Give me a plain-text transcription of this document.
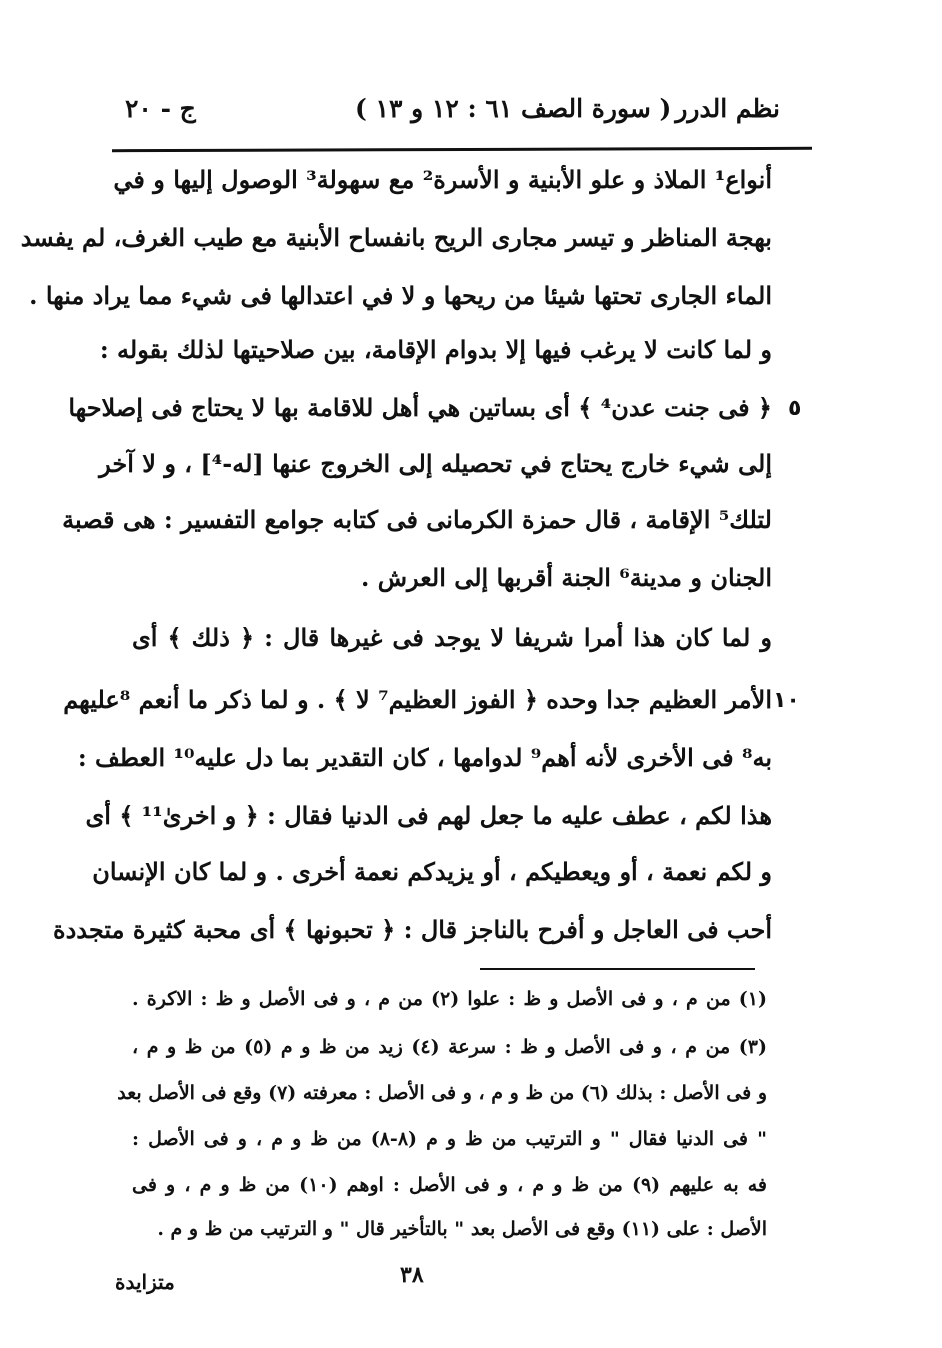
نظم الدرر
( سورة الصف ٦١ : ١٢ و ١٣ )
ج - ٢٠
أنواع¹ الملاذ و علو الأبنية و الأسرة² مع سهولة³ الوصول إليها و في
بهجة المناظر و تيسر مجارى الريح بانفساح الأبنية مع طيب الغرف، لم يفسد
الماء الجارى تحتها شيئا من ريحها و لا في اعتدالها فى شيء مما يراد منها .
و لما كانت لا يرغب فيها إلا بدوام الإقامة، بين صلاحيتها لذلك بقوله :
﴿ فى جنت عدن⁴ ﴾ أى بساتين هي أهل للاقامة بها لا يحتاج فى إصلاحها
إلى شيء خارج يحتاج في تحصيله إلى الخروج عنها [له-⁴] ، و لا آخر
لتلك⁵ الإقامة ، قال حمزة الكرمانى فى كتابه جوامع التفسير : هى قصبة
الجنان و مدينة⁶ الجنة أقربها إلى العرش .
و لما كان هذا أمرا شريفا لا يوجد فى غيرها قال : ﴿ ذلك ﴾ أى
الأمر العظيم جدا وحده ﴿ الفوز العظيم⁷ لا ﴾ . و لما ذكر ما أنعم ⁸عليهم
به⁸ فى الأخرى لأنه أهم⁹ لدوامها ، كان التقدير بما دل عليه¹⁰ العطف :
هذا لكم ، عطف عليه ما جعل لهم فى الدنيا فقال : ﴿ و اخرىٰ¹¹ ﴾ أى
و لكم نعمة ، أو ويعطيكم ، أو يزيدكم نعمة أخرى . و لما كان الإنسان
أحب فى العاجل و أفرح بالناجز قال : ﴿ تحبونها ﴾ أى محبة كثيرة متجددة
٥
١٠
(١) من م ، و فى الأصل و ظ : علوا (٢) من م ، و فى الأصل و ظ : الاكرة .
(٣) من م ، و فى الأصل و ظ : سرعة (٤) زيد من ظ و م (٥) من ظ و م ،
و فى الأصل : بذلك (٦) من ظ و م ، و فى الأصل : معرفته (٧) وقع فى الأصل بعد
" فى الدنيا فقال " و الترتيب من ظ و م (٨-٨) من ظ و م ، و فى الأصل :
فه به عليهم (٩) من ظ و م ، و فى الأصل : اوهم (١٠) من ظ و م ، و فى
الأصل : على (١١) وقع فى الأصل بعد " بالتأخير قال " و الترتيب من ظ و م .
٣٨
متزايدة
